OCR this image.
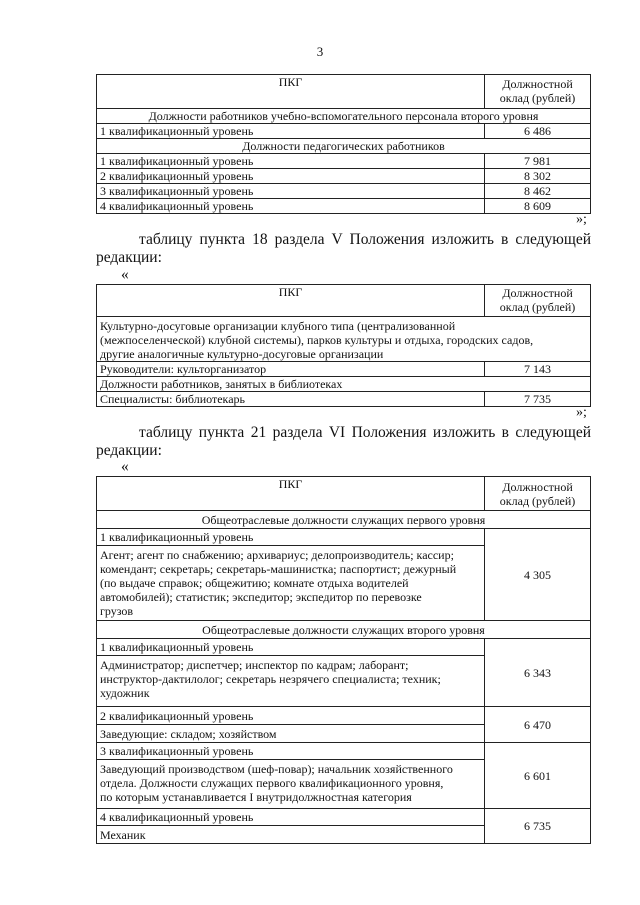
3
ПКГ	Должностной
оклад (рублей)

Должности работников учебно-вспомогательного персонала второго уровня	
1 квалификационный уровень	6 486
Должности педагогических работников	
1 квалификационный уровень	7 981
2 квалификационный уровень	8 302
3 квалификационный уровень	8 462
4 квалификационный уровень	8 609
»;
таблицу пункта 18 раздела V Положения изложить в следующей
редакции:
«
ПКГ	Должностной
оклад (рублей)

Культурно-досуговые организации клубного типа (централизованной
(межпоселенческой) клубной системы), парков культуры и отдыха, городских садов,
другие аналогичные культурно-досуговые организации	

Руководители: культорганизатор	7 143
Должности работников, занятых в библиотеках	
Специалисты: библиотекарь	7 735
»;
таблицу пункта 21 раздела VI Положения изложить в следующей
редакции:
«
ПКГ	Должностной
оклад (рублей)

Общеотраслевые должности служащих первого уровня	
1 квалификационный уровень	4 305

Агент; агент по снабжению; архивариус; делопроизводитель; кассир;
комендант; секретарь; секретарь-машинистка; паспортист; дежурный
(по выдаче справок; общежитию; комнате отдыха водителей
автомобилей); статистик; экспедитор; экспедитор по перевозке
грузов	

Общеотраслевые должности служащих второго уровня	
1 квалификационный уровень	6 343

Администратор; диспетчер; инспектор по кадрам; лаборант;
инструктор-дактилолог; секретарь незрячего специалиста; техник;
художник	

2 квалификационный уровень	6 470
Заведующие: складом; хозяйством	
3 квалификационный уровень	6 601

Заведующий производством (шеф-повар); начальник хозяйственного
отдела. Должности служащих первого квалификационного уровня,
по которым устанавливается I внутридолжностная категория	

4 квалификационный уровень	6 735
Механик	
